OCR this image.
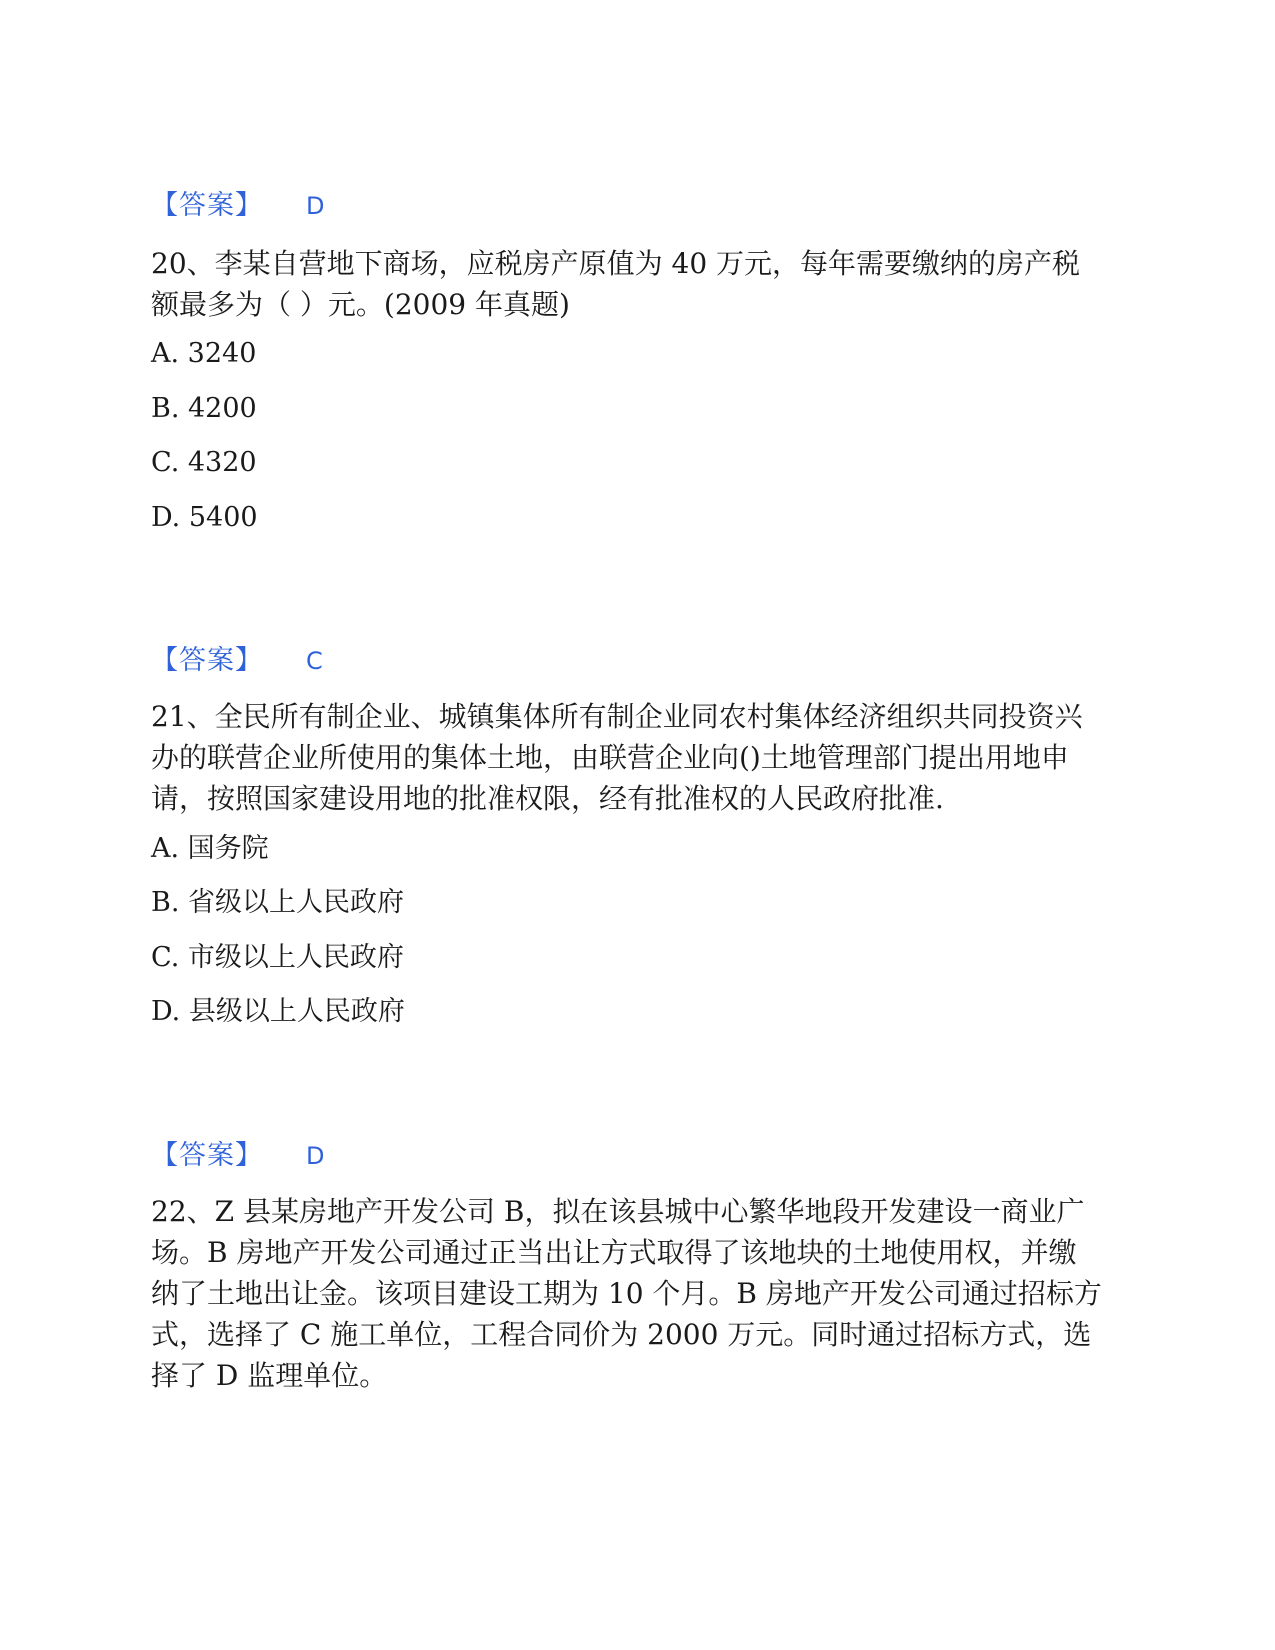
【答案】 D

20、李某自营地下商场，应税房产原值为 40 万元，每年需要缴纳的房产税

额最多为（ ）元。(2009 年真题)

A. 3240
B. 4200
C. 4320
D. 5400
【答案】 C

21、全民所有制企业、城镇集体所有制企业同农村集体经济组织共同投资兴

办的联营企业所使用的集体土地，由联营企业向()土地管理部门提出用地申

请，按照国家建设用地的批准权限，经有批准权的人民政府批准.

A. 国务院
B. 省级以上人民政府
C. 市级以上人民政府
D. 县级以上人民政府
【答案】 D

22、Z 县某房地产开发公司 B，拟在该县城中心繁华地段开发建设一商业广

场。B 房地产开发公司通过正当出让方式取得了该地块的土地使用权，并缴

纳了土地出让金。该项目建设工期为 10 个月。B 房地产开发公司通过招标方

式，选择了 C 施工单位，工程合同价为 2000 万元。同时通过招标方式，选

择了 D 监理单位。
